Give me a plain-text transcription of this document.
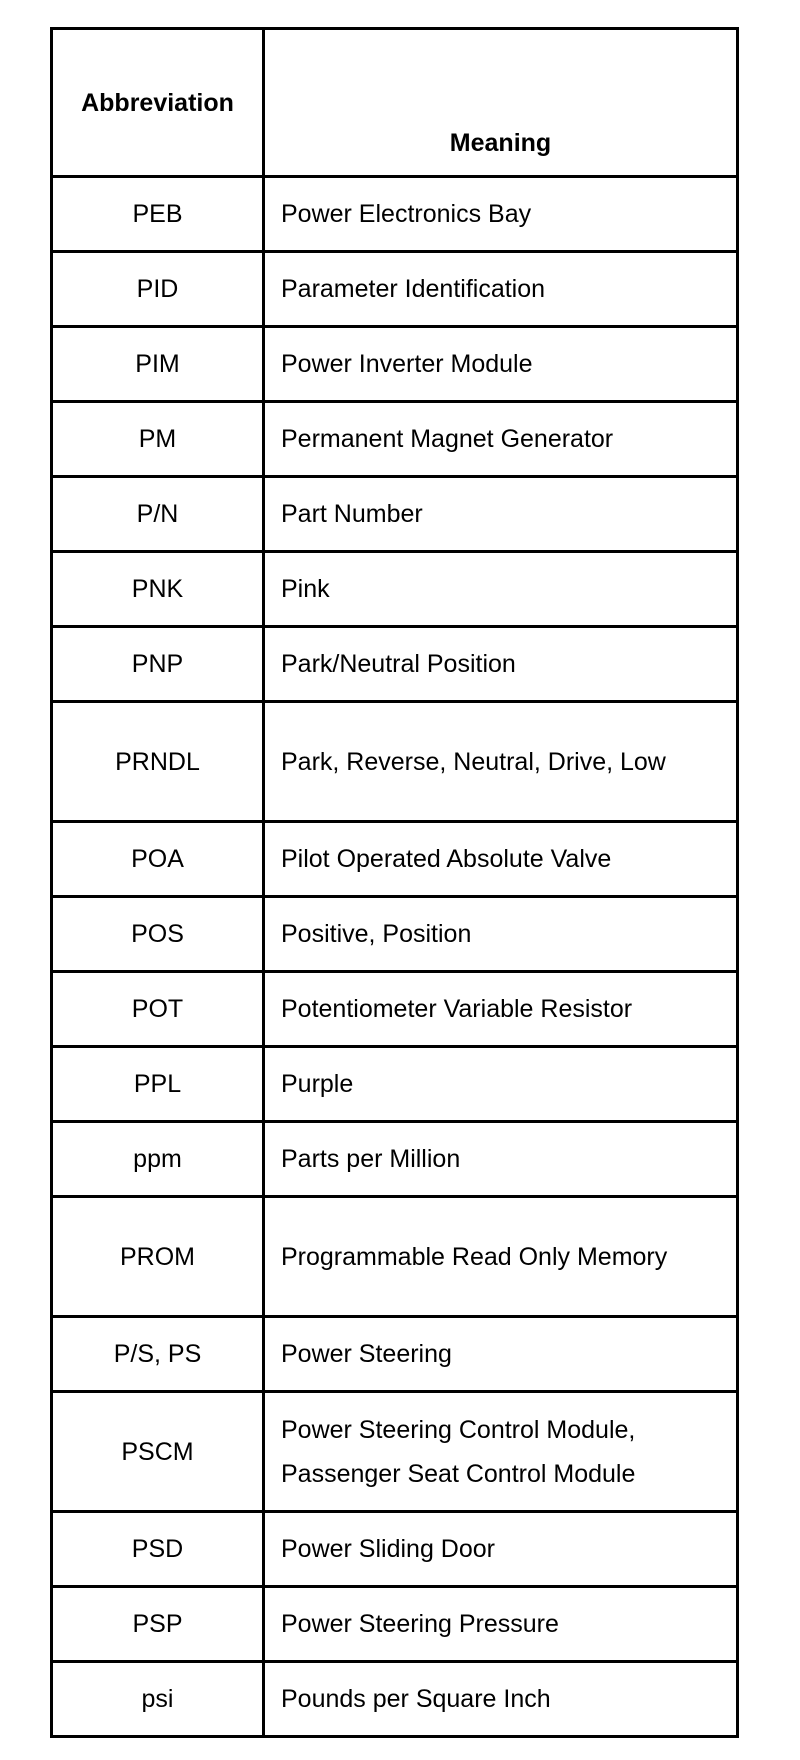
Abbreviation	Meaning
PEB	Power Electronics Bay
PID	Parameter Identification
PIM	Power Inverter Module
PM	Permanent Magnet Generator
P/N	Part Number
PNK	Pink
PNP	Park/Neutral Position
PRNDL	Park, Reverse, Neutral, Drive, Low
POA	Pilot Operated Absolute Valve
POS	Positive, Position
POT	Potentiometer Variable Resistor
PPL	Purple
ppm	Parts per Million
PROM	Programmable Read Only Memory
P/S, PS	Power Steering
PSCM	Power Steering Control Module, Passenger Seat Control Module
PSD	Power Sliding Door
PSP	Power Steering Pressure
psi	Pounds per Square Inch
